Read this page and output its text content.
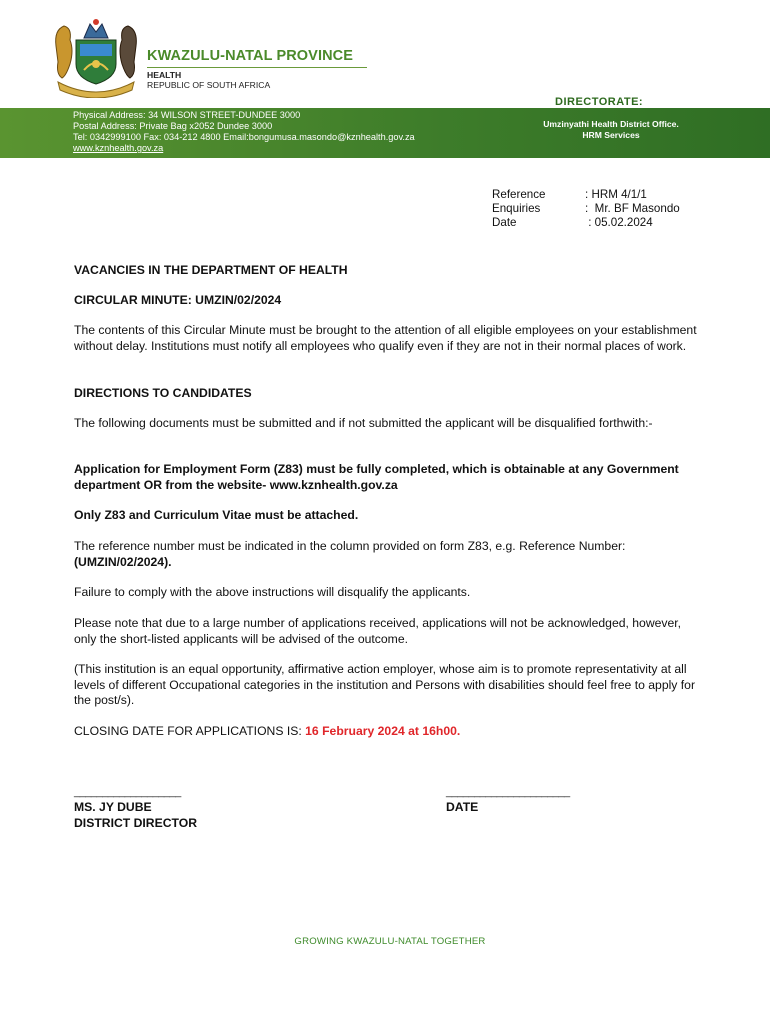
KWAZULU-NATAL PROVINCE
HEALTH
REPUBLIC OF SOUTH AFRICA
DIRECTORATE:
Physical Address: 34 WILSON STREET-DUNDEE 3000
Postal Address: Private Bag x2052 Dundee 3000
Tel: 0342999100 Fax: 034-212 4800 Email:bongumusa.masondo@kznhealth.gov.za
www.kznhealth.gov.za
Umzinyathi Health District Office.
HRM Services
Reference	: HRM 4/1/1
Enquiries	:  Mr. BF Masondo
Date	: 05.02.2024
VACANCIES IN THE DEPARTMENT OF HEALTH
CIRCULAR MINUTE: UMZIN/02/2024
The contents of this Circular Minute must be brought to the attention of all eligible employees on your establishment without delay. Institutions must notify all employees who qualify even if they are not in their normal places of work.
DIRECTIONS TO CANDIDATES
The following documents must be submitted and if not submitted the applicant will be disqualified forthwith:-
Application for Employment Form (Z83) must be fully completed, which is obtainable at any Government department OR from the website- www.kznhealth.gov.za
Only Z83 and Curriculum Vitae must be attached.
The reference number must be indicated in the column provided on form Z83, e.g. Reference Number: (UMZIN/02/2024).
Failure to comply with the above instructions will disqualify the applicants.
Please note that due to a large number of applications received, applications will not be acknowledged, however, only the short-listed applicants will be advised of the outcome.
(This institution is an equal opportunity, affirmative action employer, whose aim is to promote representativity at all levels of different Occupational categories in the institution and Persons with disabilities should feel free to apply for the post/s).
CLOSING DATE FOR APPLICATIONS IS: 16 February 2024 at 16h00.
___________________	______________________
MS. JY DUBE
DISTRICT DIRECTOR
DATE
GROWING KWAZULU-NATAL TOGETHER
